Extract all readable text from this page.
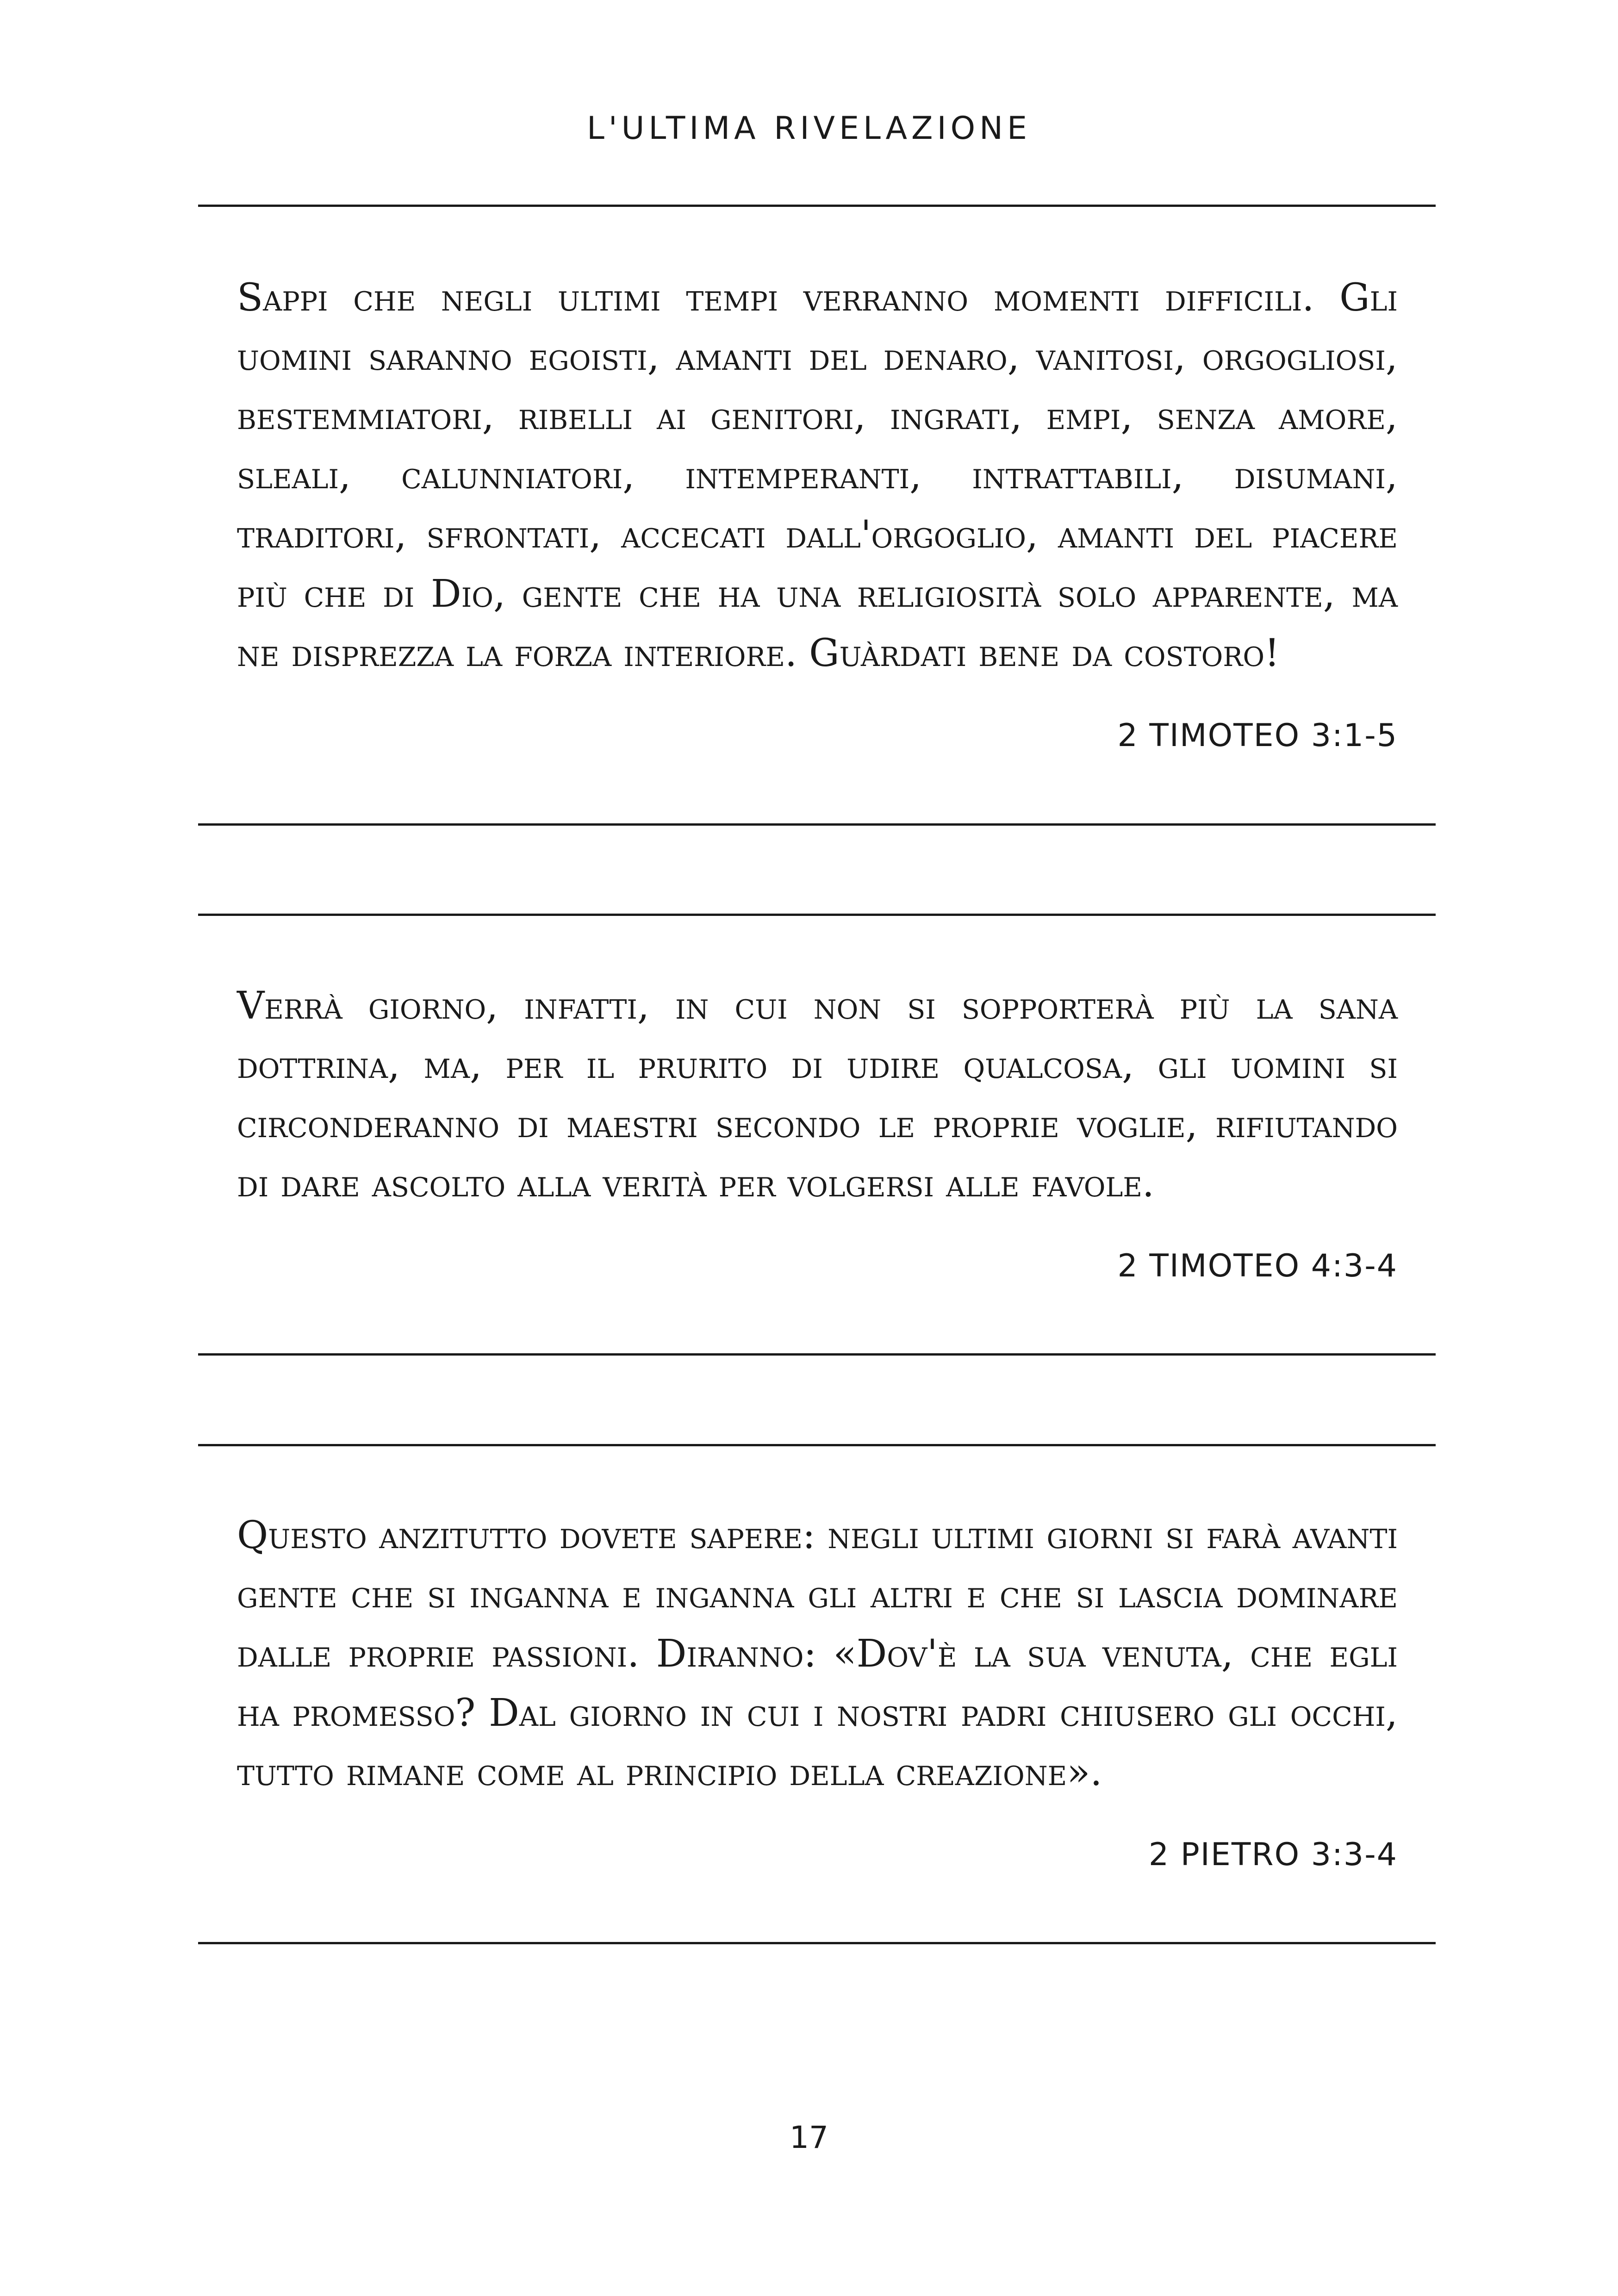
L'ULTIMA RIVELAZIONE

Sappi che negli ultimi tempi verranno momenti difficili. Gli uomini saranno egoisti, amanti del denaro, vanitosi, orgogliosi, bestemmiatori, ribelli ai genitori, ingrati, empi, senza amore, sleali, calunniatori, intemperanti, intrattabili, disumani, traditori, sfrontati, accecati dall'orgoglio, amanti del piacere più che di Dio, gente che ha una religiosità solo apparente, ma ne disprezza la forza interiore. Guàrdati bene da costoro!

2 TIMOTEO 3:1-5

Verrà giorno, infatti, in cui non si sopporterà più la sana dottrina, ma, per il prurito di udire qualcosa, gli uomini si circonderanno di maestri secondo le proprie voglie, rifiutando di dare ascolto alla verità per volgersi alle favole.

2 TIMOTEO 4:3-4

Questo anzitutto dovete sapere: negli ultimi giorni si farà avanti gente che si inganna e inganna gli altri e che si lascia dominare dalle proprie passioni. Diranno: «Dov'è la sua venuta, che egli ha promesso? Dal giorno in cui i nostri padri chiusero gli occhi, tutto rimane come al principio della creazione».

2 PIETRO 3:3-4
17
